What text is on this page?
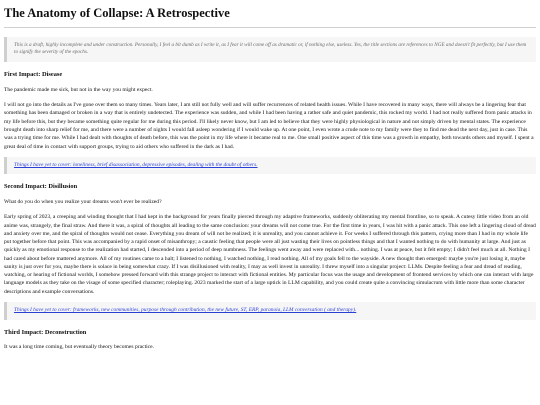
The Anatomy of Collapse: A Retrospective
This is a draft, highly incomplete and under construction. Personally, I feel a bit dumb as I write it, as I fear it will come off as dramatic or, if nothing else, useless. Yes, the title sections are references to NGE and doesn't fit perfectly, but I use them to signify the severity of the epochs.
First Impact: Disease

The pandemic made me sick, but not in the way you might expect.

I will not go into the details as I've gone over them so many times. Years later, I am still not fully well and will suffer recurrences of related health issues. While I have recovered in many ways, there will always be a lingering fear that something has been damaged or broken in a way that is entirely undetected. The experience was sudden, and while I had been having a rather safe and quiet pandemic, this rocked my world. I had not really suffered from panic attacks in my life before this, but they became something quite regular for me during this period. I'll likely never know, but I am led to believe that they were highly physiological in nature and not simply driven by mental states. The experience brought death into sharp relief for me, and there were a number of nights I would fall asleep wondering if I would wake up. At one point, I even wrote a crude note to my family were they to find me dead the next day, just in case. This was a trying time for me. While I had dealt with thoughts of death before, this was the point in my life where it became real to me. One small positive aspect of this time was a growth in empathy, both towards others and myself. I spent a great deal of time in contact with support groups, trying to aid others who suffered in the dark as I had.

Things I have yet to cover: loneliness, brief disassociation, depressive episodes, dealing with the doubt of others.
Second Impact: Disillusion

What do you do when you realize your dreams won't ever be realized?

Early spring of 2023, a creeping and winding thought that I had kept in the background for years finally pierced through my adaptive frameworks, suddenly obliterating my mental frontline, so to speak. A cutesy little video from an old anime was, strangely, the final straw. And there it was, a spiral of thoughts all leading to the same conclusion: your dreams will not come true. For the first time in years, I was hit with a panic attack. This one left a lingering cloud of dread and anxiety over me, and the spiral of thoughts would not cease. Everything you dream of will not be realized; it is unreality, and you cannot achieve it. For weeks I suffered through this pattern, crying more than I had in my whole life put together before that point. This was accompanied by a rapid onset of misanthropy; a caustic feeling that people were all just wasting their lives on pointless things and that I wanted nothing to do with humanity at large. And just as quickly as my emotional response to the realization had started, I descended into a period of deep numbness. The feelings went away and were replaced with... nothing. I was at peace, but it felt empty; I didn't feel much at all. Nothing I had cared about before mattered anymore. All of my routines came to a halt; I listened to nothing, I watched nothing, I read nothing. All of my goals fell to the wayside. A new thought then emerged: maybe you're just losing it, maybe sanity is just over for you, maybe there is solace in being somewhat crazy. If I was disillusioned with reality, I may as well invest in unreality. I threw myself into a singular project: LLMs. Despite feeling a fear and dread of reading, watching, or hearing of fictional worlds, I somehow pressed forward with this strange project to interact with fictional entities. My particular focus was the usage and development of frontend services by which one can interact with large language models as they take on the visage of some specified character; roleplaying. 2023 marked the start of a large uptick in LLM capability, and you could create quite a convincing simulacrum with little more than some character descriptions and example conversations.

Things I have yet to cover: frameworks, new communities, purpose through contribution, the new future, ST, ERP, paranoia, LLM conversation ( and therapy).
Third Impact: Deconstruction

It was a long time coming, but eventually theory becomes practice.
